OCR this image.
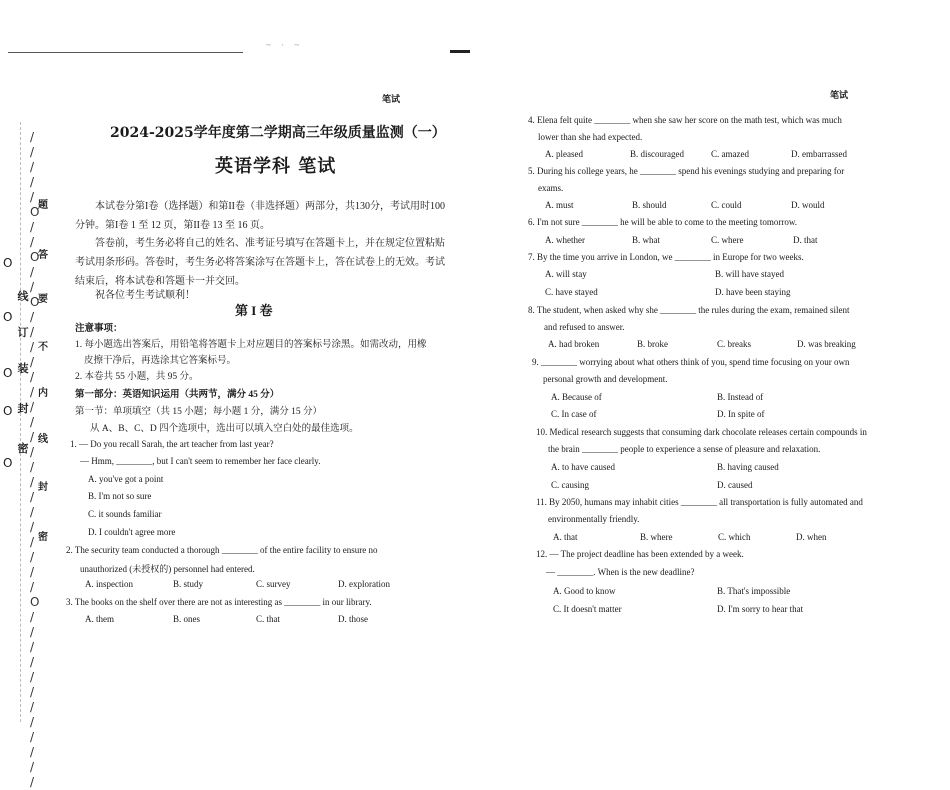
~ · ~
/ / / / / O / / O / / O / / / / / / / / / / / / / / / / / / / O / / / / / / / / / / / /
题
答
要
不
内
线
封
密
线
订
装
封
密
O
O
O
O
O
笔试	笔试
2024-2025学年度第二学期高三年级质量监测（一）
英语学科 笔试
本试卷分第I卷（选择题）和第II卷（非选择题）两部分，共130分，考试用时100分钟。第I卷 1 至 12 页，第II卷 13 至 16 页。
答卷前，考生务必将自己的姓名、准考证号填写在答题卡上，并在规定位置粘贴考试用条形码。答卷时，考生务必将答案涂写在答题卡上，答在试卷上的无效。考试结束后，将本试卷和答题卡一并交回。
祝各位考生考试顺利！
第 I 卷
注意事项：
1. 每小题选出答案后，用铅笔将答题卡上对应题目的答案标号涂黑。如需改动，用橡
皮擦干净后，再选涂其它答案标号。
2. 本卷共 55 小题，共 95 分。
第一部分：英语知识运用（共两节，满分 45 分）
第一节：单项填空（共 15 小题；每小题 1 分，满分 15 分）
从 A、B、C、D 四个选项中，选出可以填入空白处的最佳选项。
1. — Do you recall Sarah, the art teacher from last year?
— Hmm, ________, but I can't seem to remember her face clearly.
A. you've got a point
B. I'm not so sure
C. it sounds familiar
D. I couldn't agree more
2. The security team conducted a thorough ________ of the entire facility to ensure no
unauthorized (未授权的) personnel had entered.
A. inspection	B. study	C. survey	D. exploration
3. The books on the shelf over there are not as interesting as ________ in our library.
A. them	B. ones	C. that	D. those
4. Elena felt quite ________ when she saw her score on the math test, which was much
lower than she had expected.
A. pleased	B. discouraged	C. amazed	D. embarrassed
5. During his college years, he ________ spend his evenings studying and preparing for
exams.
A. must	B. should	C. could	D. would
6. I'm not sure ________ he will be able to come to the meeting tomorrow.
A. whether	B. what	C. where	D. that
7. By the time you arrive in London, we ________ in Europe for two weeks.
A. will stay	B. will have stayed
C. have stayed	D. have been staying
8. The student, when asked why she ________ the rules during the exam, remained silent
and refused to answer.
A. had broken	B. broke	C. breaks	D. was breaking
9. ________ worrying about what others think of you, spend time focusing on your own
personal growth and development.
A. Because of	B. Instead of
C. In case of	D. In spite of
10. Medical research suggests that consuming dark chocolate releases certain compounds in
the brain ________ people to experience a sense of pleasure and relaxation.
A. to have caused	B. having caused
C. causing	D. caused
11. By 2050, humans may inhabit cities ________ all transportation is fully automated and
environmentally friendly.
A. that	B. where	C. which	D. when
12. — The project deadline has been extended by a week.
— ________. When is the new deadline?
A. Good to know	B. That's impossible
C. It doesn't matter	D. I'm sorry to hear that
